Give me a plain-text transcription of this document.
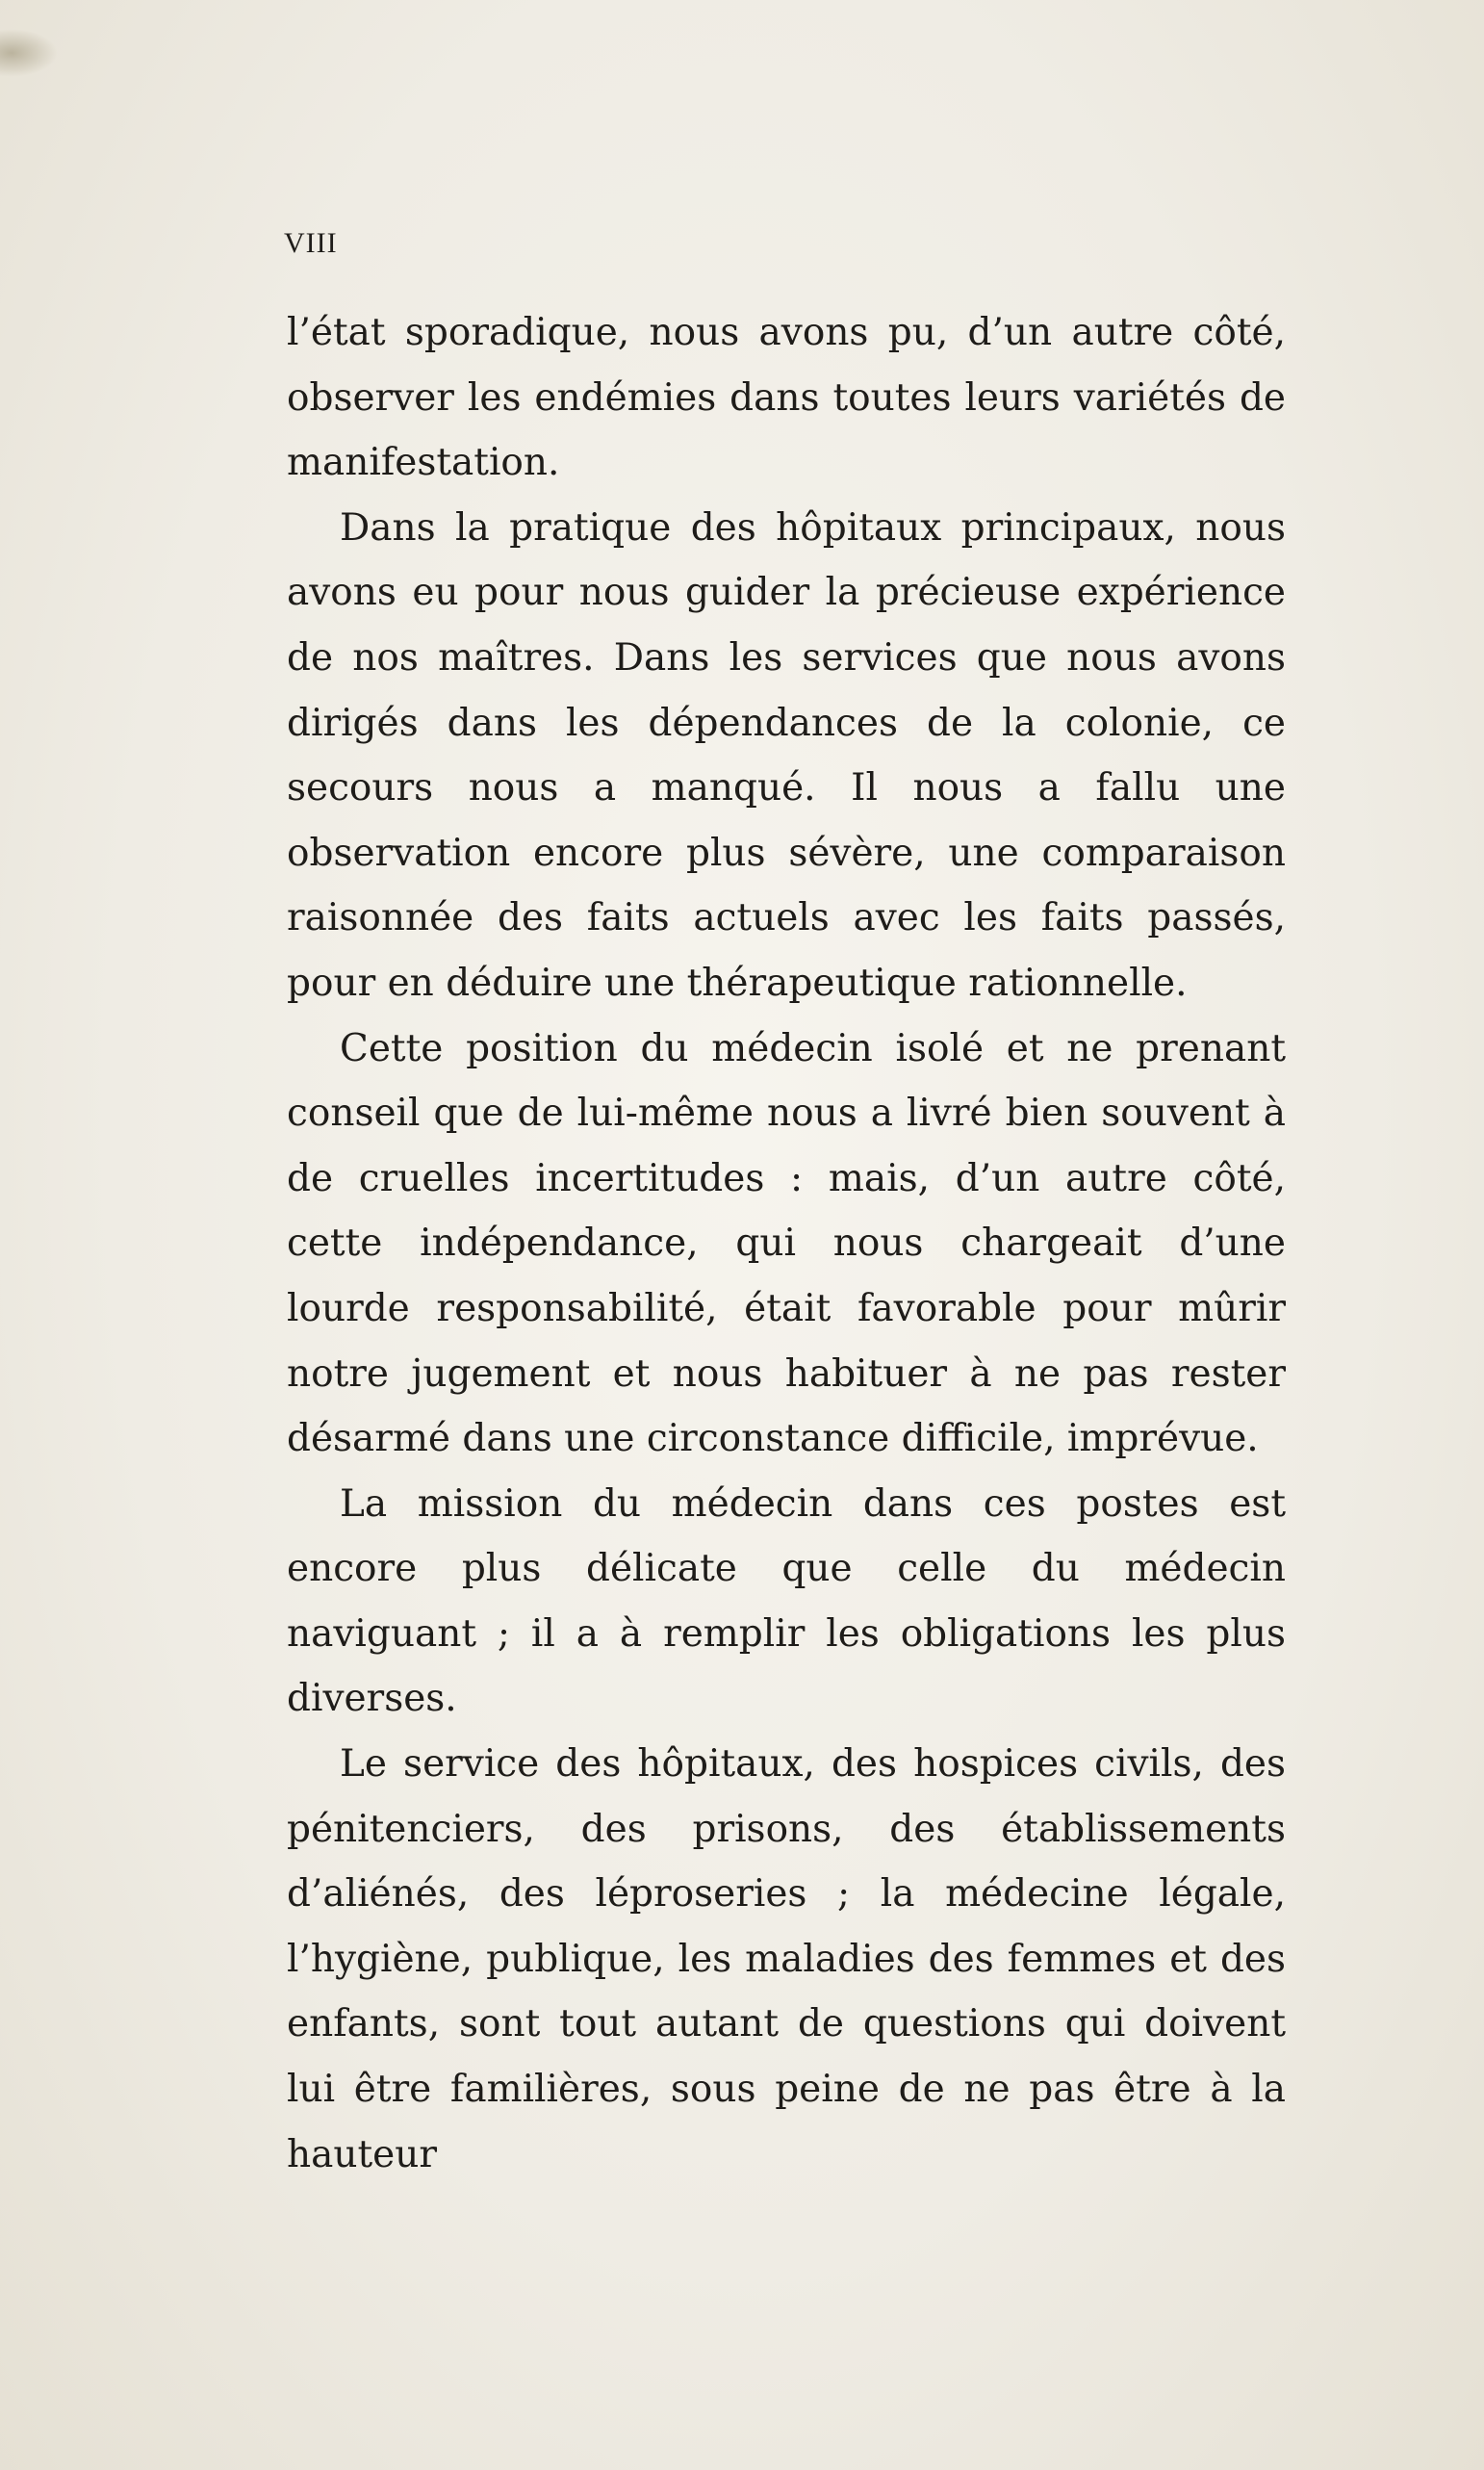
VIII

l’état sporadique, nous avons pu, d’un autre côté, observer les endémies dans toutes leurs variétés de manifestation.

Dans la pratique des hôpitaux principaux, nous avons eu pour nous guider la précieuse expérience de nos maîtres. Dans les services que nous avons dirigés dans les dépendances de la colonie, ce secours nous a manqué. Il nous a fallu une observation encore plus sévère, une comparaison raisonnée des faits actuels avec les faits passés, pour en déduire une thérapeutique rationnelle.

Cette position du médecin isolé et ne prenant conseil que de lui-même nous a livré bien souvent à de cruelles incertitudes : mais, d’un autre côté, cette indépendance, qui nous chargeait d’une lourde responsabilité, était favorable pour mûrir notre jugement et nous habituer à ne pas rester désarmé dans une circonstance difficile, imprévue.

La mission du médecin dans ces postes est encore plus délicate que celle du médecin naviguant ; il a à remplir les obligations les plus diverses.

Le service des hôpitaux, des hospices civils, des pénitenciers, des prisons, des établissements d’aliénés, des léproseries ; la médecine légale, l’hygiène, publique, les maladies des femmes et des enfants, sont tout autant de questions qui doivent lui être familières, sous peine de ne pas être à la hauteur
